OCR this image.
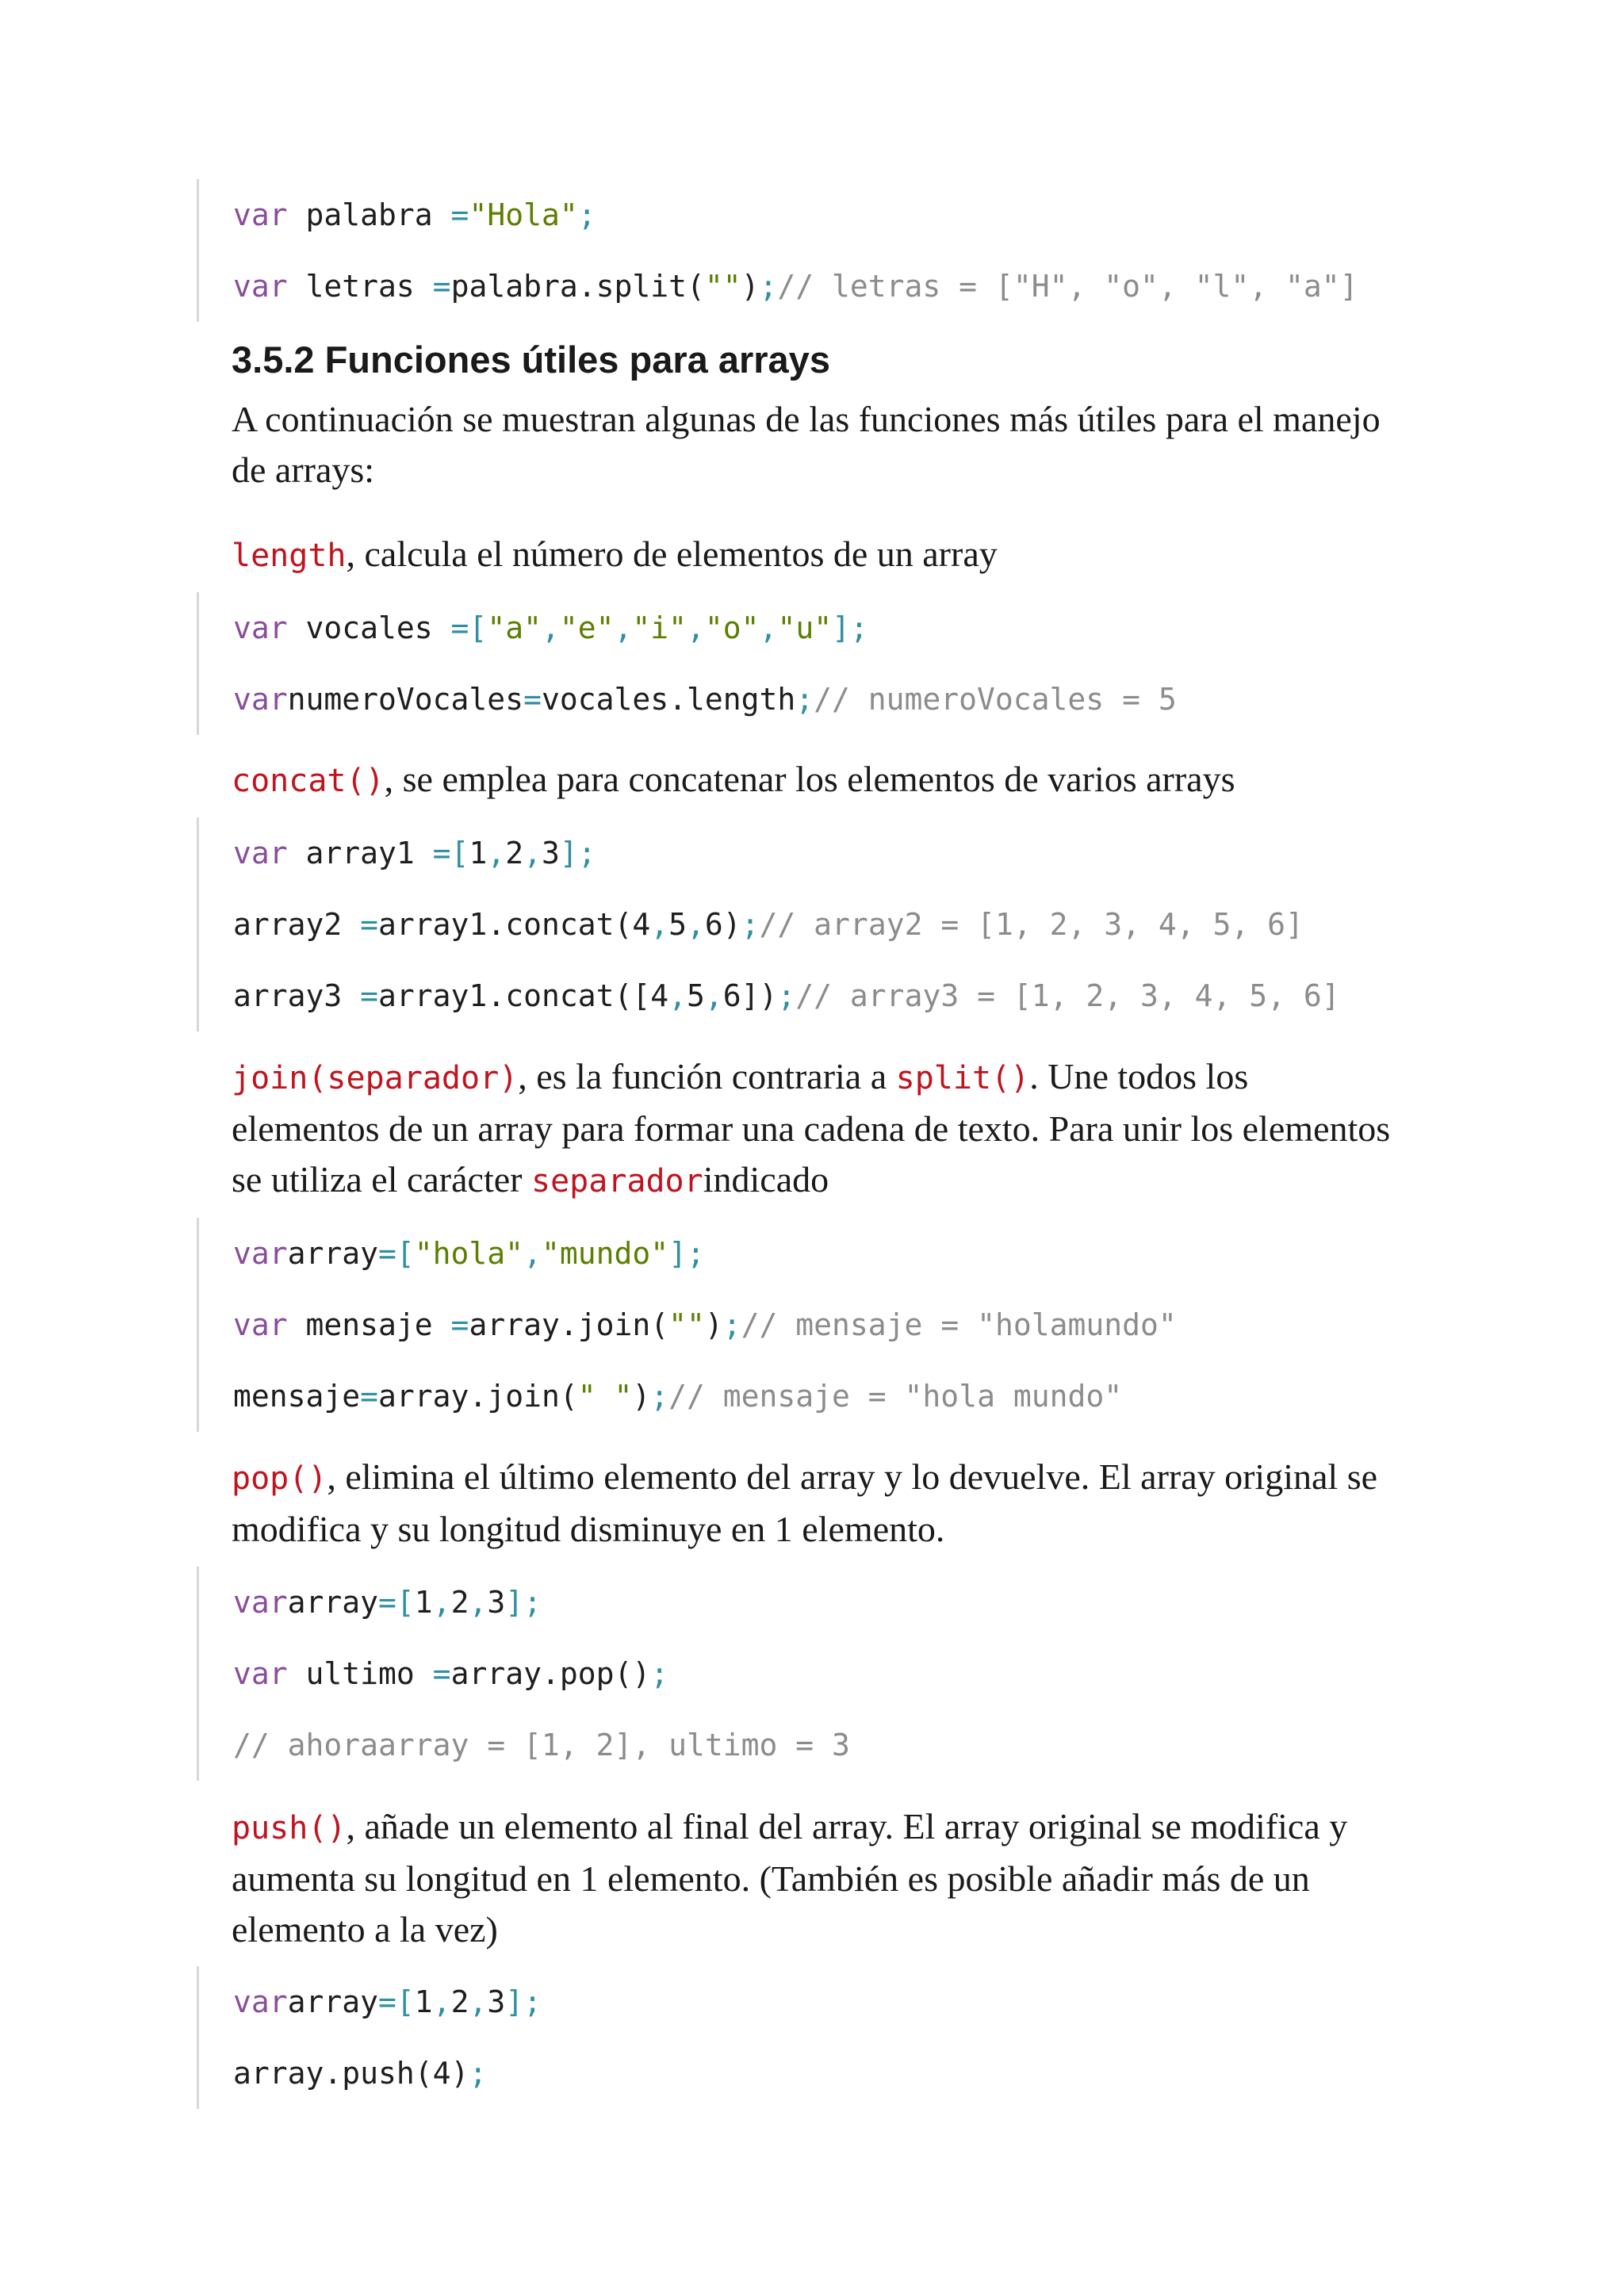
var palabra ="Hola";
var letras =palabra.split("");// letras = ["H", "o", "l", "a"]
3.5.2 Funciones útiles para arrays

A continuación se muestran algunas de las funciones más útiles para el manejo de arrays:

length, calcula el número de elementos de un array

var vocales =["a","e","i","o","u"];
varnumeroVocales=vocales.length;// numeroVocales = 5

concat(), se emplea para concatenar los elementos de varios arrays

var array1 =[1,2,3];
array2 =array1.concat(4,5,6);// array2 = [1, 2, 3, 4, 5, 6]
array3 =array1.concat([4,5,6]);// array3 = [1, 2, 3, 4, 5, 6]

join(separador), es la función contraria a split(). Une todos los elementos de un array para formar una cadena de texto. Para unir los elementos se utiliza el carácter separadorindicado

vararray=["hola","mundo"];
var mensaje =array.join("");// mensaje = "holamundo"
mensaje=array.join(" ");// mensaje = "hola mundo"

pop(), elimina el último elemento del array y lo devuelve. El array original se modifica y su longitud disminuye en 1 elemento.

vararray=[1,2,3];
var ultimo =array.pop();
// ahoraarray = [1, 2], ultimo = 3

push(), añade un elemento al final del array. El array original se modifica y aumenta su longitud en 1 elemento. (También es posible añadir más de un elemento a la vez)

vararray=[1,2,3];
array.push(4);
